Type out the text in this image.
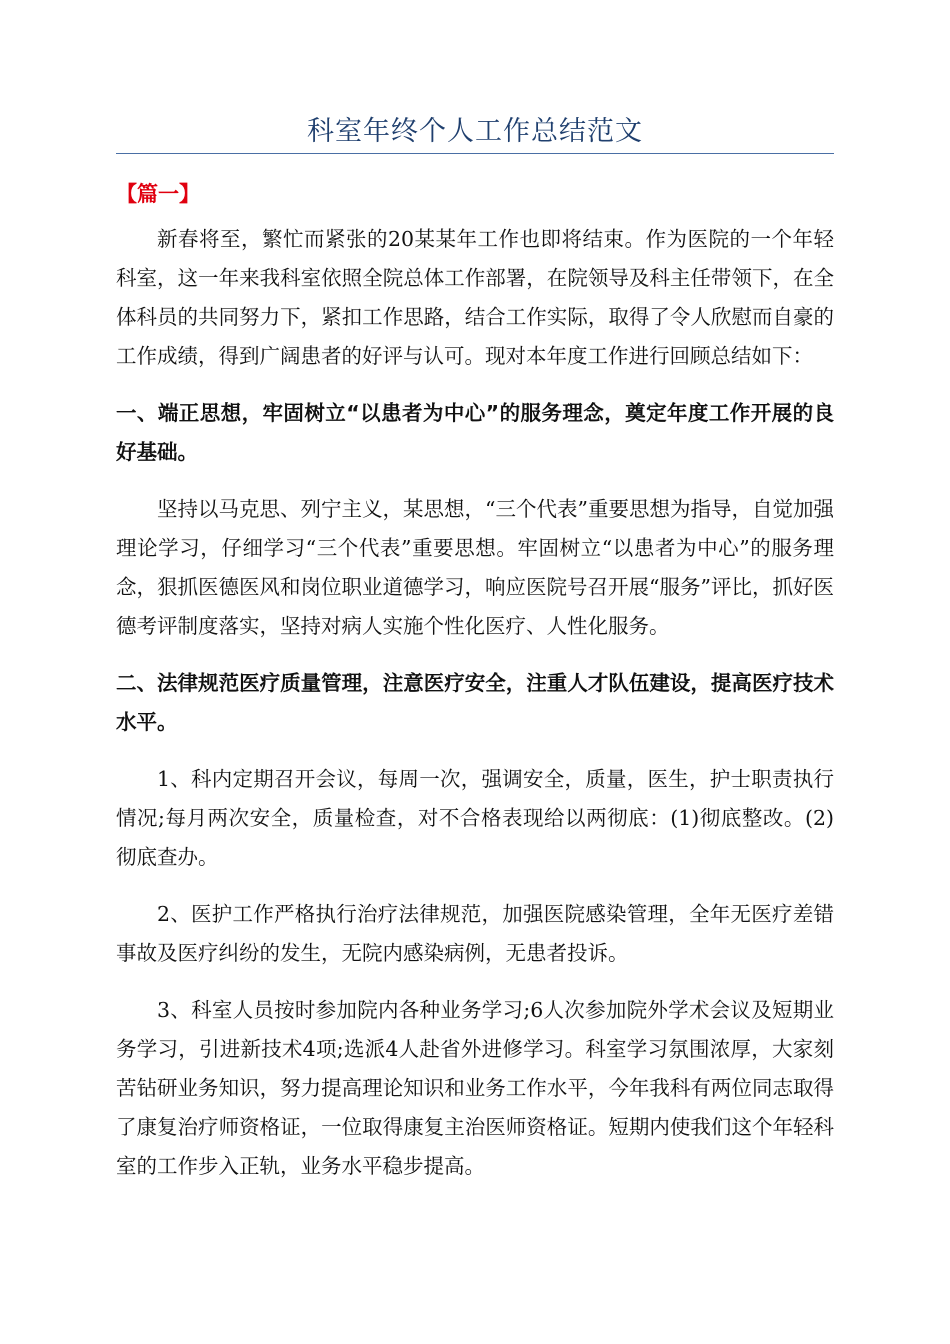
科室年终个人工作总结范文
【篇一】

新春将至，繁忙而紧张的20某某年工作也即将结束。作为医院的一个年轻科室，这一年来我科室依照全院总体工作部署，在院领导及科主任带领下，在全体科员的共同努力下，紧扣工作思路，结合工作实际，取得了令人欣慰而自豪的工作成绩，得到广阔患者的好评与认可。现对本年度工作进行回顾总结如下：

一、端正思想，牢固树立“以患者为中心”的服务理念，奠定年度工作开展的良好基础。

坚持以马克思、列宁主义，某思想，“三个代表”重要思想为指导，自觉加强理论学习，仔细学习“三个代表”重要思想。牢固树立“以患者为中心”的服务理念，狠抓医德医风和岗位职业道德学习，响应医院号召开展“服务”评比，抓好医德考评制度落实，坚持对病人实施个性化医疗、人性化服务。

二、法律规范医疗质量管理，注意医疗安全，注重人才队伍建设，提高医疗技术水平。

1、科内定期召开会议，每周一次，强调安全，质量，医生，护士职责执行情况;每月两次安全，质量检查，对不合格表现给以两彻底：(1)彻底整改。(2)彻底查办。

2、医护工作严格执行治疗法律规范，加强医院感染管理，全年无医疗差错事故及医疗纠纷的发生，无院内感染病例，无患者投诉。

3、科室人员按时参加院内各种业务学习;6人次参加院外学术会议及短期业务学习，引进新技术4项;选派4人赴省外进修学习。科室学习氛围浓厚，大家刻苦钻研业务知识，努力提高理论知识和业务工作水平，今年我科有两位同志取得了康复治疗师资格证，一位取得康复主治医师资格证。短期内使我们这个年轻科室的工作步入正轨，业务水平稳步提高。
